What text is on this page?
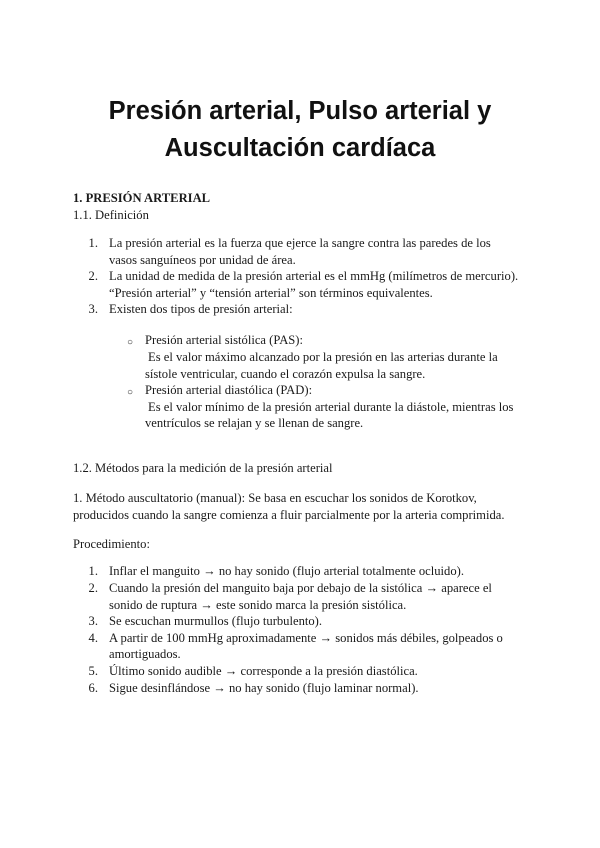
Presión arterial, Pulso arterial y
Auscultación cardíaca
1. PRESIÓN ARTERIAL
1.1. Definición
1. La presión arterial es la fuerza que ejerce la sangre contra las paredes de los
vasos sanguíneos por unidad de área.
2. La unidad de medida de la presión arterial es el mmHg (milímetros de mercurio).
“Presión arterial” y “tensión arterial” son términos equivalentes.
3. Existen dos tipos de presión arterial:
○ Presión arterial sistólica (PAS):
Es el valor máximo alcanzado por la presión en las arterias durante la
sístole ventricular, cuando el corazón expulsa la sangre.
○ Presión arterial diastólica (PAD):
Es el valor mínimo de la presión arterial durante la diástole, mientras los
ventrículos se relajan y se llenan de sangre.
1.2. Métodos para la medición de la presión arterial
1. Método auscultatorio (manual): Se basa en escuchar los sonidos de Korotkov,
producidos cuando la sangre comienza a fluir parcialmente por la arteria comprimida.
Procedimiento:
1. Inflar el manguito → no hay sonido (flujo arterial totalmente ocluido).
2. Cuando la presión del manguito baja por debajo de la sistólica → aparece el
sonido de ruptura → este sonido marca la presión sistólica.
3. Se escuchan murmullos (flujo turbulento).
4. A partir de 100 mmHg aproximadamente → sonidos más débiles, golpeados o
amortiguados.
5. Último sonido audible → corresponde a la presión diastólica.
6. Sigue desinflándose → no hay sonido (flujo laminar normal).
